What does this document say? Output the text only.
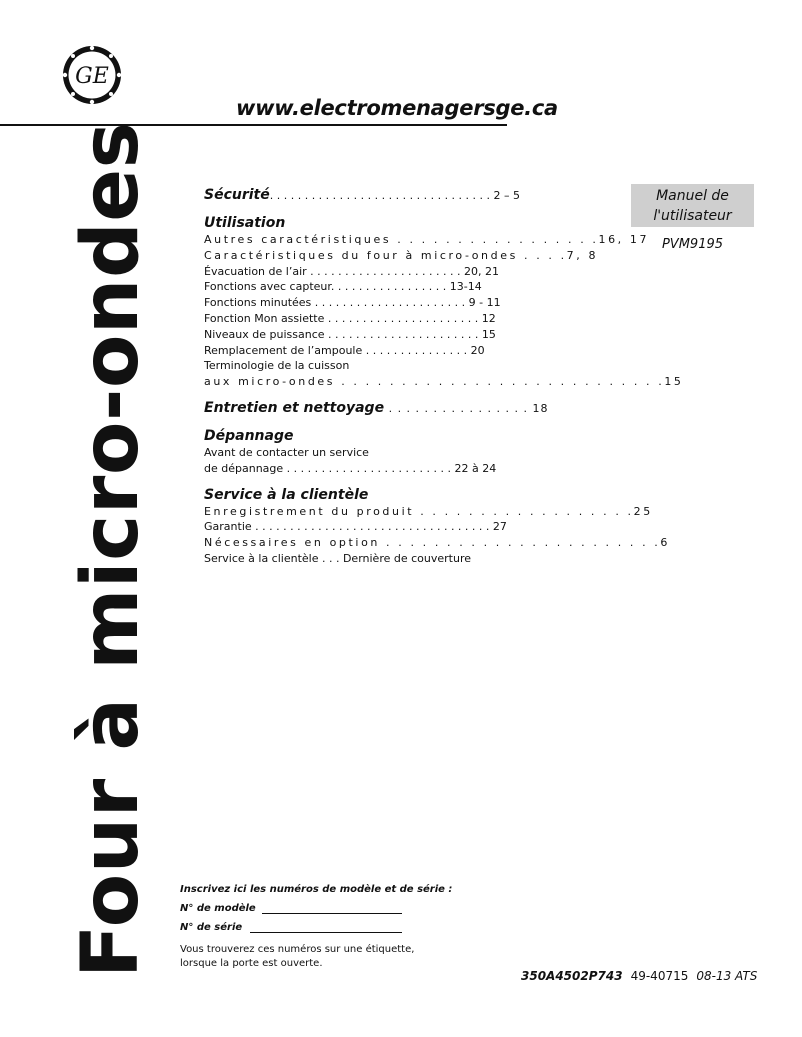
GE
www.electromenagersge.ca
Four à micro-ondes	Sécurité. . . . . . . . . . . . . . . . . . . . . . . . . . . . . . . . 2 – 5
Utilisation
Autres caractéristiques . . . . . . . . . . . . . . . . .16, 17
Caractéristiques du four à micro-ondes . . . .7, 8
Évacuation de l’air . . . . . . . . . . . . . . . . . . . . . . 20, 21
Fonctions avec capteur. . . . . . . . . . . . . . . . . 13-14
Fonctions minutées . . . . . . . . . . . . . . . . . . . . . . 9 - 11
Fonction Mon assiette . . . . . . . . . . . . . . . . . . . . . . 12
Niveaux de puissance . . . . . . . . . . . . . . . . . . . . . . 15
Remplacement de l’ampoule . . . . . . . . . . . . . . . 20
Terminologie de la cuisson
aux micro-ondes . . . . . . . . . . . . . . . . . . . . . . . . . . .15
Entretien et nettoyage . . . . . . . . . . . . . . . . 18
Dépannage
Avant de contacter un service
de dépannage . . . . . . . . . . . . . . . . . . . . . . . . 22 à 24
Service à la clientèle
Enregistrement du produit . . . . . . . . . . . . . . . . . .25
Garantie . . . . . . . . . . . . . . . . . . . . . . . . . . . . . . . . . . 27
Nécessaires en option . . . . . . . . . . . . . . . . . . . . . . .6
Service à la clientèle . . . Dernière de couverture
Manuel de
l'utilisateur
PVM9195
Inscrivez ici les numéros de modèle et de série :
N° de modèle
N° de série
Vous trouverez ces numéros sur une étiquette,
lorsque la porte est ouverte.
350A4502P743 49-40715 08-13 ATS
